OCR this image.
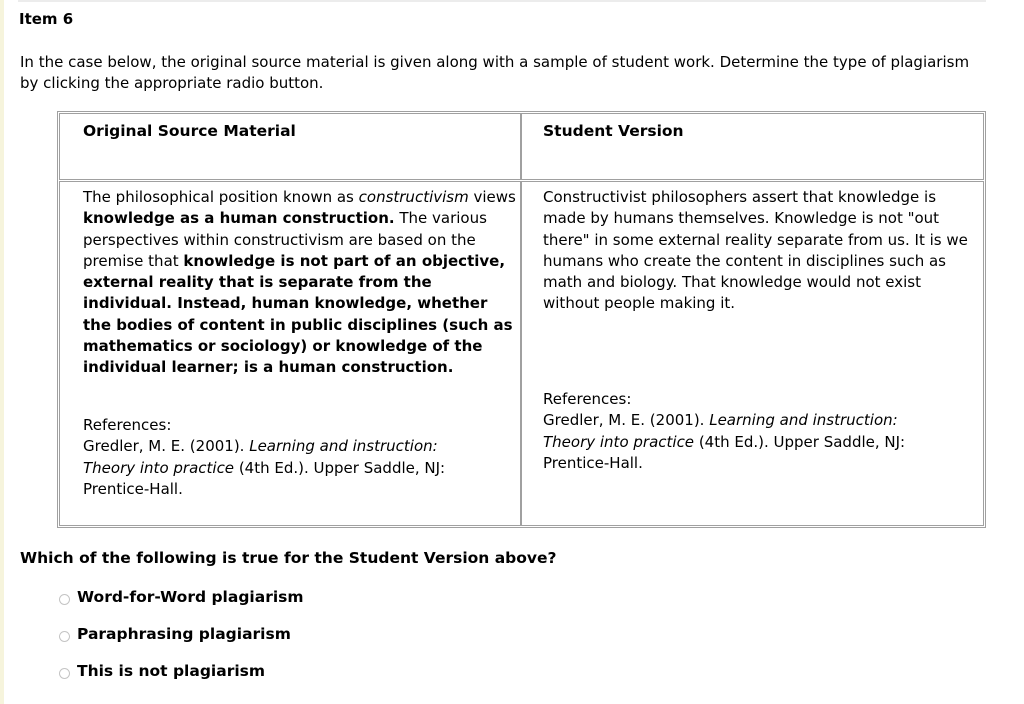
Item 6
In the case below, the original source material is given along with a sample of student work. Determine the type of plagiarism by clicking the appropriate radio button.
Original Source Material	Student Version

The philosophical position known as constructivism views knowledge as a human construction. The various perspectives within constructivism are based on the premise that knowledge is not part of an objective, external reality that is separate from the individual. Instead, human knowledge, whether the bodies of content in public disciplines (such as mathematics or sociology) or knowledge of the individual learner; is a human construction.

References:
Gredler, M. E. (2001). Learning and instruction: Theory into practice (4th Ed.). Upper Saddle, NJ: Prentice-Hall.

Constructivist philosophers assert that knowledge is made by humans themselves. Knowledge is not "out there" in some external reality separate from us. It is we humans who create the content in disciplines such as math and biology. That knowledge would not exist without people making it.

References:
Gredler, M. E. (2001). Learning and instruction: Theory into practice (4th Ed.). Upper Saddle, NJ: Prentice-Hall.
Which of the following is true for the Student Version above?
Word-for-Word plagiarism
Paraphrasing plagiarism
This is not plagiarism
